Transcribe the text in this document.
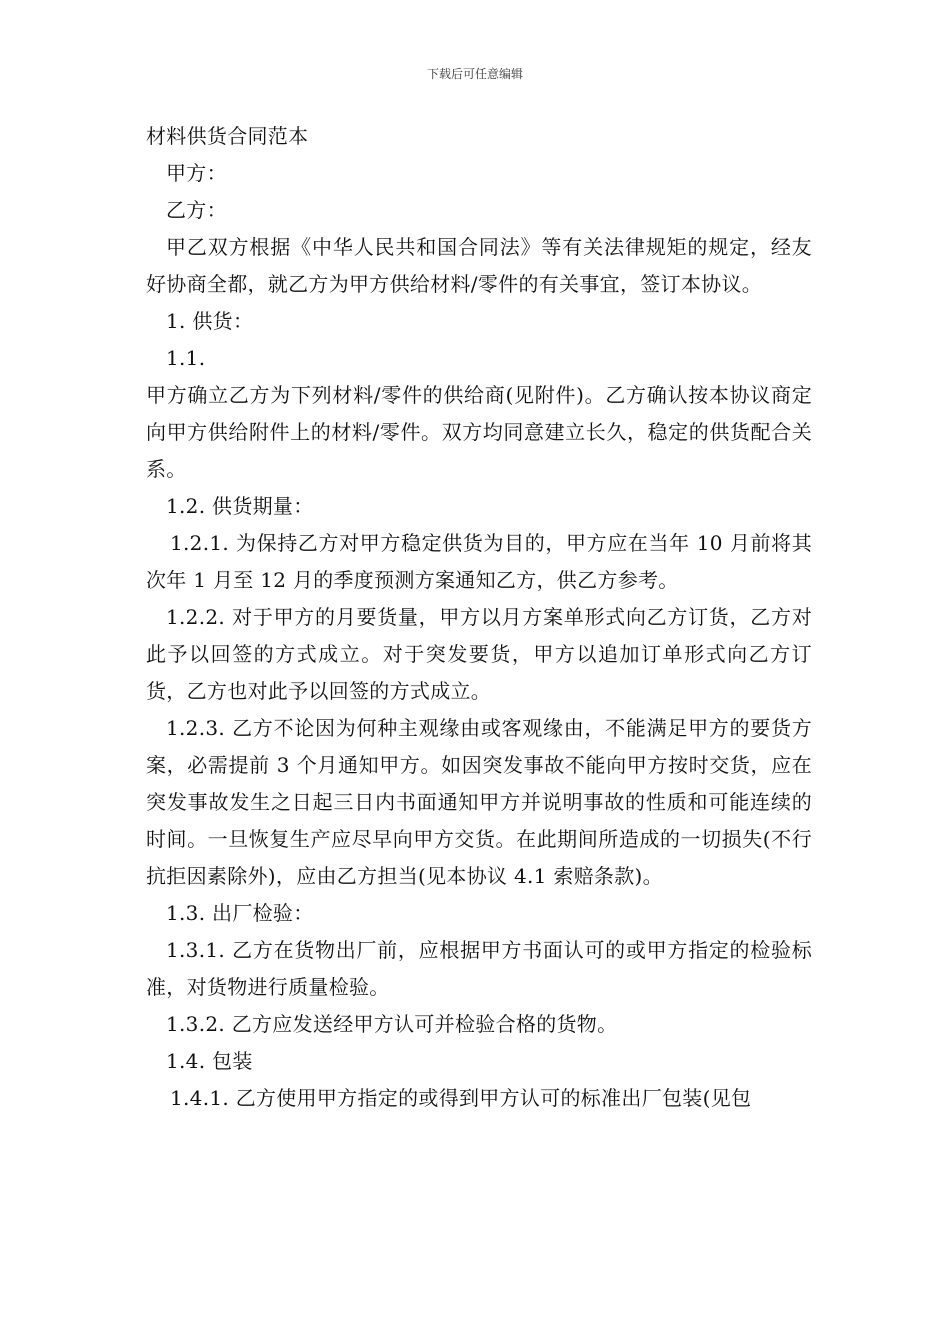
下载后可任意编辑

材料供货合同范本

甲方：

乙方：

甲乙双方根据《中华人民共和国合同法》等有关法律规矩的规定，经友好协商全都，就乙方为甲方供给材料/零件的有关事宜，签订本协议。

1. 供货：

1.1.

甲方确立乙方为下列材料/零件的供给商(见附件)。乙方确认按本协议商定向甲方供给附件上的材料/零件。双方均同意建立长久，稳定的供货配合关系。

1.2. 供货期量：

1.2.1. 为保持乙方对甲方稳定供货为目的，甲方应在当年 10 月前将其次年 1 月至 12 月的季度预测方案通知乙方，供乙方参考。

1.2.2. 对于甲方的月要货量，甲方以月方案单形式向乙方订货，乙方对此予以回签的方式成立。对于突发要货，甲方以追加订单形式向乙方订货，乙方也对此予以回签的方式成立。

1.2.3. 乙方不论因为何种主观缘由或客观缘由，不能满足甲方的要货方案，必需提前 3 个月通知甲方。如因突发事故不能向甲方按时交货，应在突发事故发生之日起三日内书面通知甲方并说明事故的性质和可能连续的时间。一旦恢复生产应尽早向甲方交货。在此期间所造成的一切损失(不行抗拒因素除外)，应由乙方担当(见本协议 4.1 索赔条款)。

1.3. 出厂检验：

1.3.1. 乙方在货物出厂前，应根据甲方书面认可的或甲方指定的检验标准，对货物进行质量检验。

1.3.2. 乙方应发送经甲方认可并检验合格的货物。

1.4. 包装

1.4.1. 乙方使用甲方指定的或得到甲方认可的标准出厂包装(见包
